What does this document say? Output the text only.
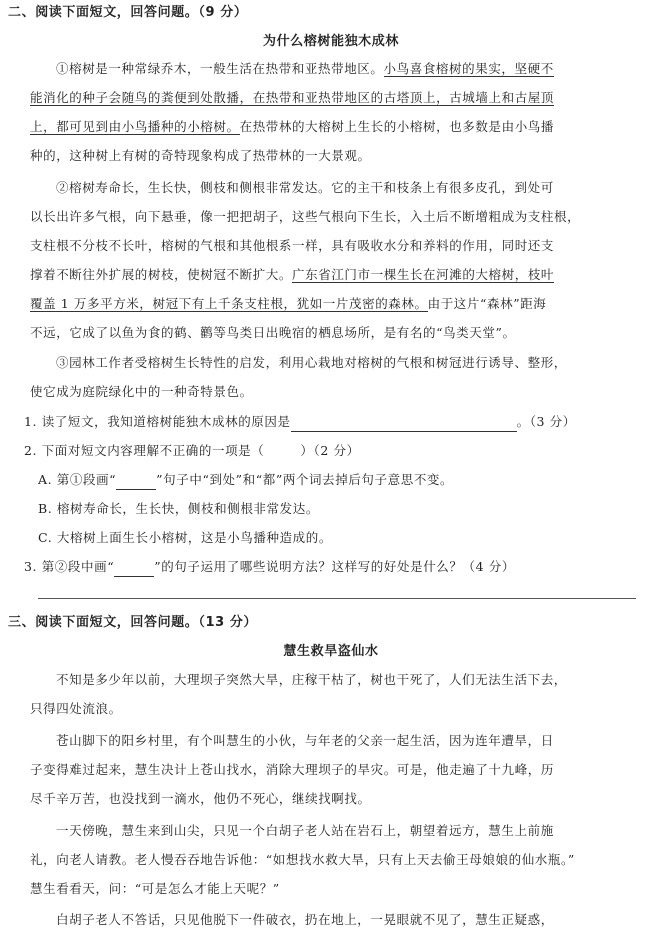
二、阅读下面短文，回答问题。（9 分）
为什么榕树能独木成林
①榕树是一种常绿乔木，一般生活在热带和亚热带地区。小鸟喜食榕树的果实，坚硬不
能消化的种子会随鸟的粪便到处散播，在热带和亚热带地区的古塔顶上，古城墙上和古屋顶
上，都可见到由小鸟播种的小榕树。在热带林的大榕树上生长的小榕树，也多数是由小鸟播
种的，这种树上有树的奇特现象构成了热带林的一大景观。
②榕树寿命长，生长快，侧枝和侧根非常发达。它的主干和枝条上有很多皮孔，到处可
以长出许多气根，向下悬垂，像一把把胡子，这些气根向下生长，入土后不断增粗成为支柱根，
支柱根不分枝不长叶，榕树的气根和其他根系一样，具有吸收水分和养料的作用，同时还支
撑着不断往外扩展的树枝，使树冠不断扩大。广东省江门市一棵生长在河滩的大榕树，枝叶
覆盖 1 万多平方米，树冠下有上千条支柱根，犹如一片茂密的森林。由于这片“森林”距海
不远，它成了以鱼为食的鹤、鹳等鸟类日出晚宿的栖息场所，是有名的“鸟类天堂”。
③园林工作者受榕树生长特性的启发，利用心栽地对榕树的气根和树冠进行诱导、整形，
使它成为庭院绿化中的一种奇特景色。
1. 读了短文，我知道榕树能独木成林的原因是	。（3 分）
2. 下面对短文内容理解不正确的一项是（	）（2 分）
A. 第①段画“	”句子中“到处”和“都”两个词去掉后句子意思不变。
B. 榕树寿命长，生长快，侧枝和侧根非常发达。
C. 大榕树上面生长小榕树，这是小鸟播种造成的。
3. 第②段中画“	”的句子运用了哪些说明方法？这样写的好处是什么？（4 分）
三、阅读下面短文，回答问题。（13 分）
慧生救旱盗仙水
不知是多少年以前，大理坝子突然大旱，庄稼干枯了，树也干死了，人们无法生活下去，
只得四处流浪。
苍山脚下的阳乡村里，有个叫慧生的小伙，与年老的父亲一起生活，因为连年遭旱，日
子变得难过起来，慧生决计上苍山找水，消除大理坝子的旱灾。可是，他走遍了十九峰，历
尽千辛万苦，也没找到一滴水，他仍不死心，继续找啊找。
一天傍晚，慧生来到山尖，只见一个白胡子老人站在岩石上，朝望着远方，慧生上前施
礼，向老人请教。老人慢吞吞地告诉他：“如想找水救大旱，只有上天去偷王母娘娘的仙水瓶。”
慧生看看天，问：“可是怎么才能上天呢？”
白胡子老人不答话，只见他脱下一件破衣，扔在地上，一晃眼就不见了，慧生正疑惑，
